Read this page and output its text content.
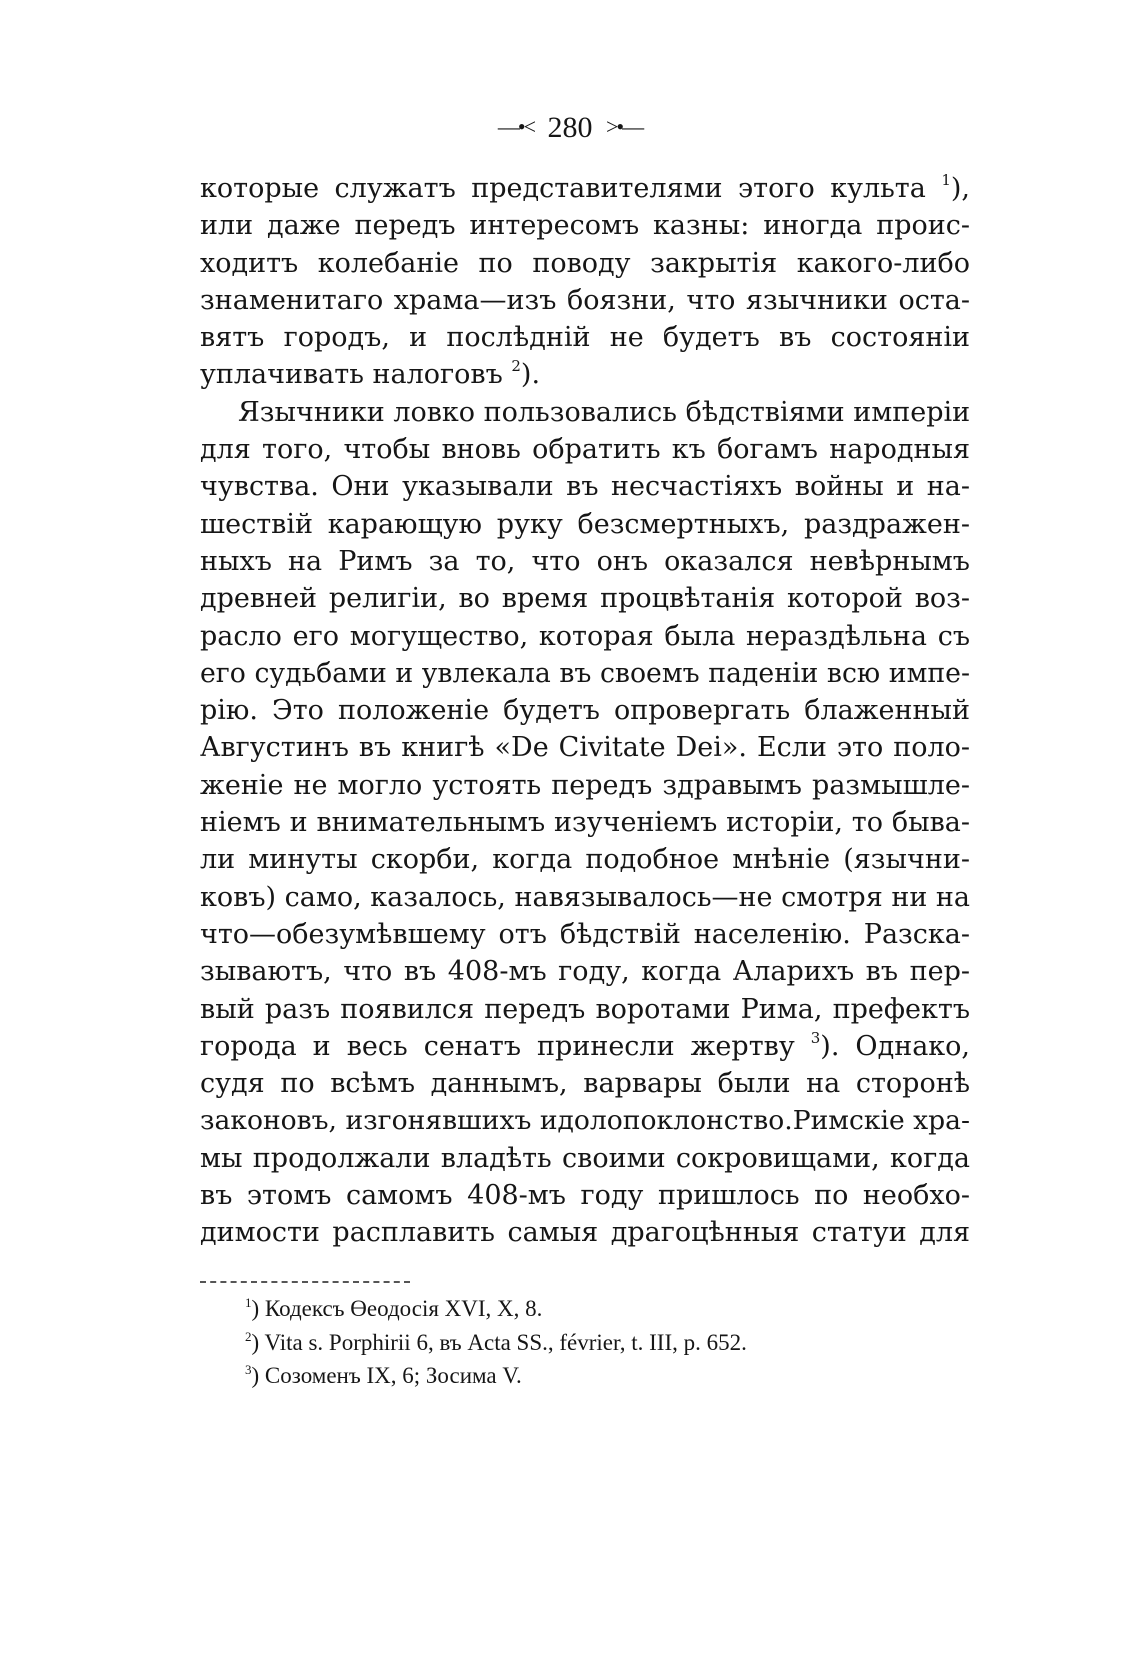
—•< 280 >•—
которые служатъ представителями этого культа $^1$),
или даже передъ интересомъ казны: иногда проис-
ходитъ колебаніе по поводу закрытія какого-либо
знаменитаго храма—изъ боязни, что язычники оста-
вятъ городъ, и послѣдній не будетъ въ состояніи
уплачивать налоговъ $^2$).
Язычники ловко пользовались бѣдствіями имперіи
для того, чтобы вновь обратить къ богамъ народныя
чувства. Они указывали въ несчастіяхъ войны и на-
шествій карающую руку безсмертныхъ, раздражен-
ныхъ на Римъ за то, что онъ оказался невѣрнымъ
древней религіи, во время процвѣтанія которой воз-
расло его могущество, которая была нераздѣльна съ
его судьбами и увлекала въ своемъ паденіи всю импе-
рію. Это положеніе будетъ опровергать блаженный
Августинъ въ книгѣ «De Civitate Dei». Если это поло-
женіе не могло устоять передъ здравымъ размышле-
ніемъ и внимательнымъ изученіемъ исторіи, то бывa-
ли минуты скорби, когда подобное мнѣніе (язычни-
ковъ) само, казалось, навязывалось—не смотря ни на
что—обезумѣвшему отъ бѣдствій населенію. Разска-
зываютъ, что въ 408-мъ году, когда Аларихъ въ пер-
вый разъ появился передъ воротами Рима, префектъ
города и весь сенатъ принесли жертву $^3$). Однако,
судя по всѣмъ даннымъ, варвары были на сторонѣ
законовъ, изгонявшихъ идолопоклонство.Римскіе хра-
мы продолжали владѣть своими сокровищами, когда
въ этомъ самомъ 408-мъ году пришлось по необхо-
димости расплавить самыя драгоцѣнныя статуи для
$^1$) Кодексъ Өеодосія XVI, X, 8.
$^2$) Vita s. Porphirii 6, въ Acta SS., février, t. III, p. 652.
$^3$) Созоменъ IX, 6; Зосима V.
